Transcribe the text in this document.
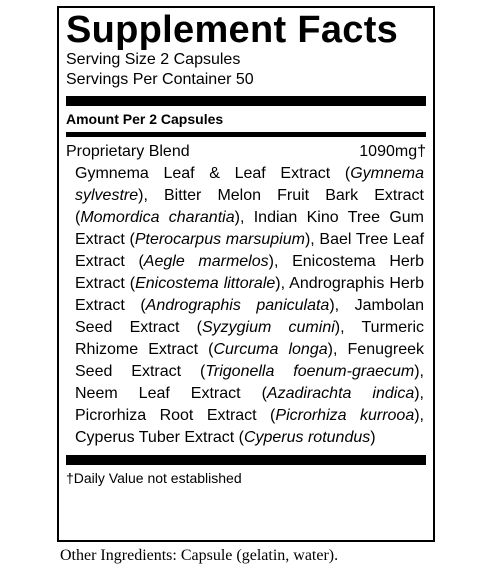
Supplement Facts
Serving Size 2 Capsules
Servings Per Container 50
Amount Per 2 Capsules
Proprietary Blend	1090mg†
Gymnema Leaf & Leaf Extract (Gymnema sylvestre), Bitter Melon Fruit Bark Extract (Momordica charantia), Indian Kino Tree Gum Extract (Pterocarpus marsupium), Bael Tree Leaf Extract (Aegle marmelos), Enicostema Herb Extract (Enicostema littorale), Andrographis Herb Extract (Andrographis paniculata), Jambolan Seed Extract (Syzygium cumini), Turmeric Rhizome Extract (Curcuma longa), Fenugreek Seed Extract (Trigonella foenum-graecum), Neem Leaf Extract (Azadirachta indica), Picrorhiza Root Extract (Picrorhiza kurrooa), Cyperus Tuber Extract (Cyperus rotundus)
†Daily Value not established
Other Ingredients: Capsule (gelatin, water).
